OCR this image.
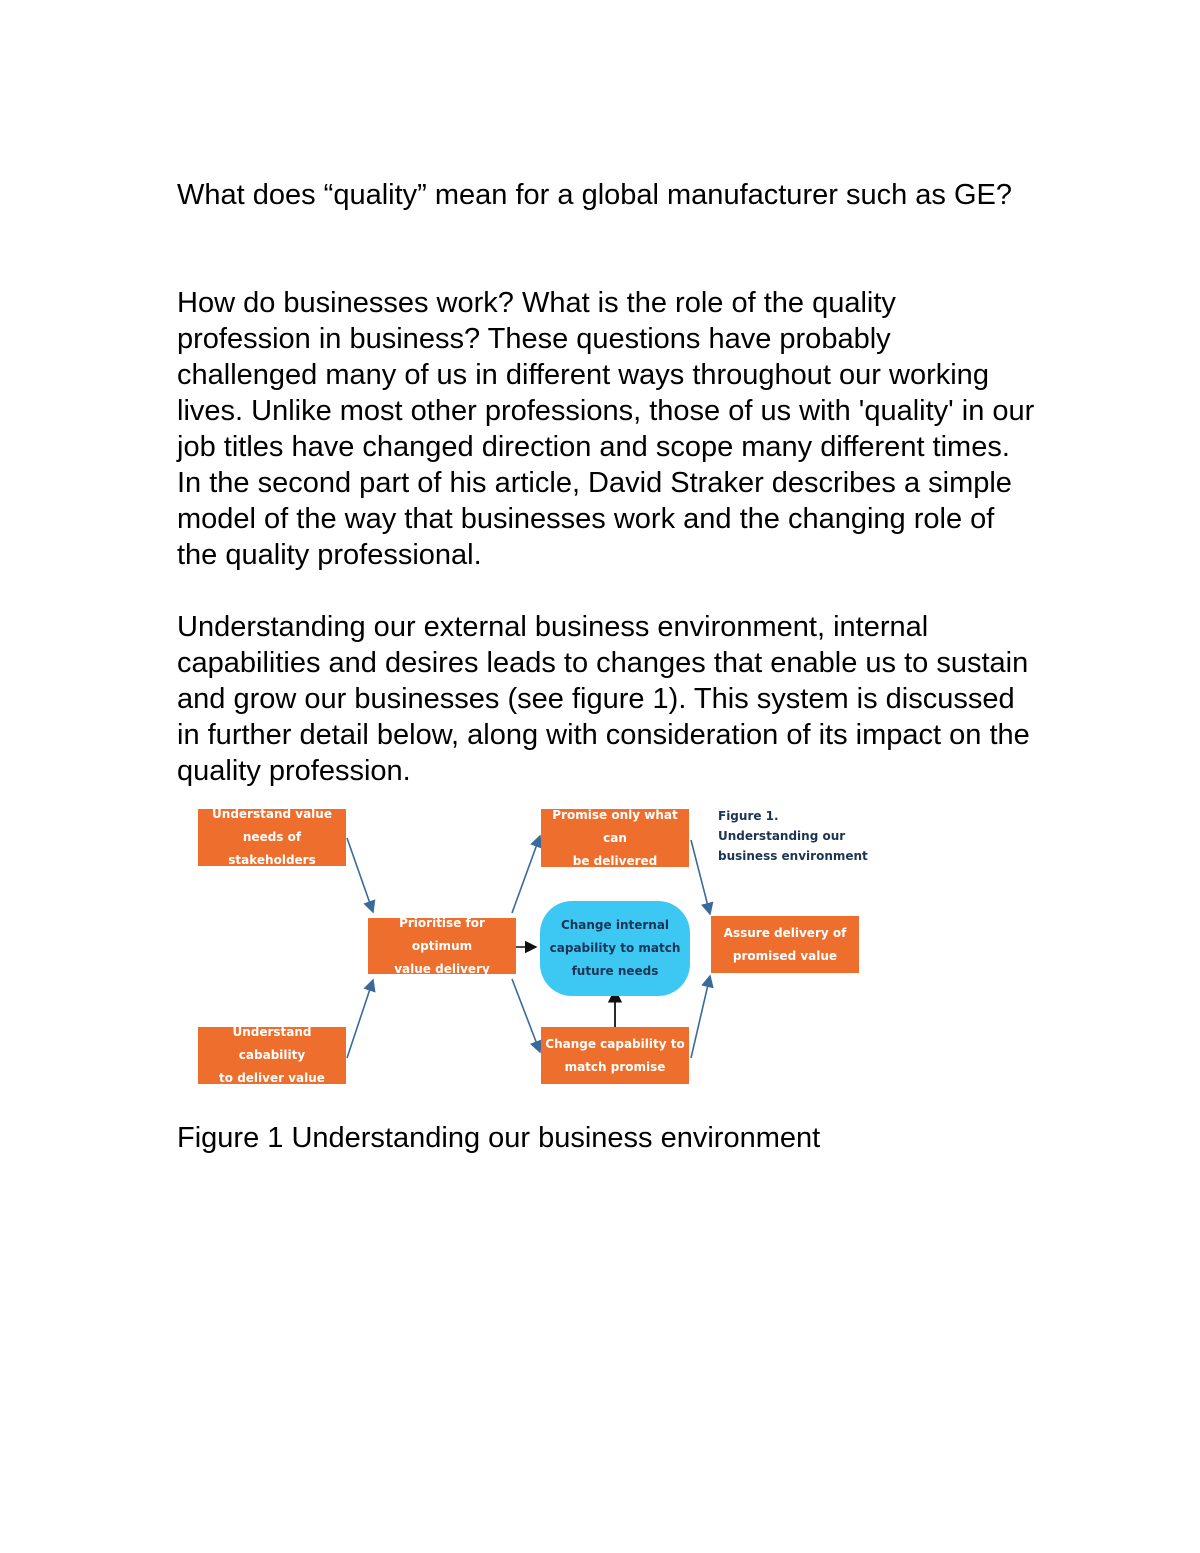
What does “quality” mean for a global manufacturer such as GE?

How do businesses work? What is the role of the quality profession in business? These questions have probably challenged many of us in different ways throughout our working lives. Unlike most other professions, those of us with 'quality' in our job titles have changed direction and scope many different times. In the second part of his article, David Straker describes a simple model of the way that businesses work and the changing role of the quality professional.

Understanding our external business environment, internal capabilities and desires leads to changes that enable us to sustain and grow our businesses (see figure 1). This system is discussed in further detail below, along with consideration of its impact on the quality profession.

Understand value
needs of stakeholders
Understand cabability
to deliver value
Prioritise for optimum
value delivery
Promise only what can
be delivered
Change capability to
match promise
Assure delivery of
promised value
Change internal
capability to match
future needs
Figure 1.
Understanding our
business environment

Figure 1 Understanding our business environment
